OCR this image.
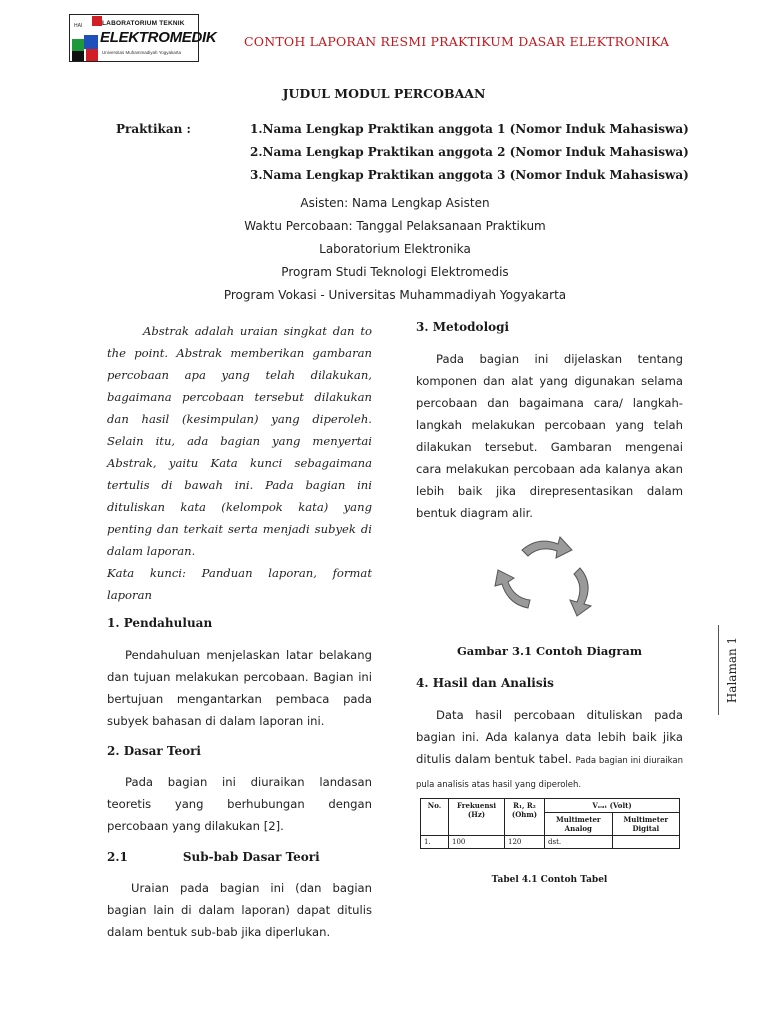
HAI	LABORATORIUM TEKNIK
ELEKTROMEDIK
Universitas Muhammadiyah Yogyakarta
CONTOH LAPORAN RESMI PRAKTIKUM DASAR ELEKTRONIKA
JUDUL MODUL PERCOBAAN
Praktikan :	1.Nama Lengkap Praktikan anggota 1 (Nomor Induk Mahasiswa)
2.Nama Lengkap Praktikan anggota 2 (Nomor Induk Mahasiswa)
3.Nama Lengkap Praktikan anggota 3 (Nomor Induk Mahasiswa)
Asisten: Nama Lengkap Asisten
Waktu Percobaan: Tanggal Pelaksanaan Praktikum
Laboratorium Elektronika
Program Studi Teknologi Elektromedis
Program Vokasi - Universitas Muhammadiyah Yogyakarta

Abstrak adalah uraian singkat dan to the point. Abstrak memberikan gambaran percobaan apa yang telah dilakukan, bagaimana percobaan tersebut dilakukan dan hasil (kesimpulan) yang diperoleh. Selain itu, ada bagian yang menyertai Abstrak, yaitu Kata kunci sebagaimana tertulis di bawah ini. Pada bagian ini dituliskan kata (kelompok kata) yang penting dan terkait serta menjadi subyek di dalam laporan.

Kata kunci: Panduan laporan, format laporan

1. Pendahuluan

Pendahuluan menjelaskan latar belakang dan tujuan melakukan percobaan. Bagian ini bertujuan mengantarkan pembaca pada subyek bahasan di dalam laporan ini.

2. Dasar Teori

Pada bagian ini diuraikan landasan teoretis yang berhubungan dengan percobaan yang dilakukan [2].

2.1	Sub-bab Dasar Teori

Uraian pada bagian ini (dan bagian bagian lain di dalam laporan) dapat ditulis dalam bentuk sub-bab jika diperlukan.

3. Metodologi

Pada bagian ini dijelaskan tentang komponen dan alat yang digunakan selama percobaan dan bagaimana cara/ langkah-langkah melakukan percobaan yang telah dilakukan tersebut. Gambaran mengenai cara melakukan percobaan ada kalanya akan lebih baik jika direpresentasikan dalam bentuk diagram alir.

Gambar 3.1 Contoh Diagram

4. Hasil dan Analisis

Data hasil percobaan dituliskan pada bagian ini. Ada kalanya data lebih baik jika ditulis dalam bentuk tabel. Pada bagian ini diuraikan pula analisis atas hasil yang diperoleh.

No.	Frekuensi (Hz)	R₁, R₂ (Ohm)	Vₒᵤₜ (Volt)	
			Multimeter Analog	Multimeter Digital
1.	100	120	dst.	
Tabel 4.1 Contoh Tabel
Halaman 1
